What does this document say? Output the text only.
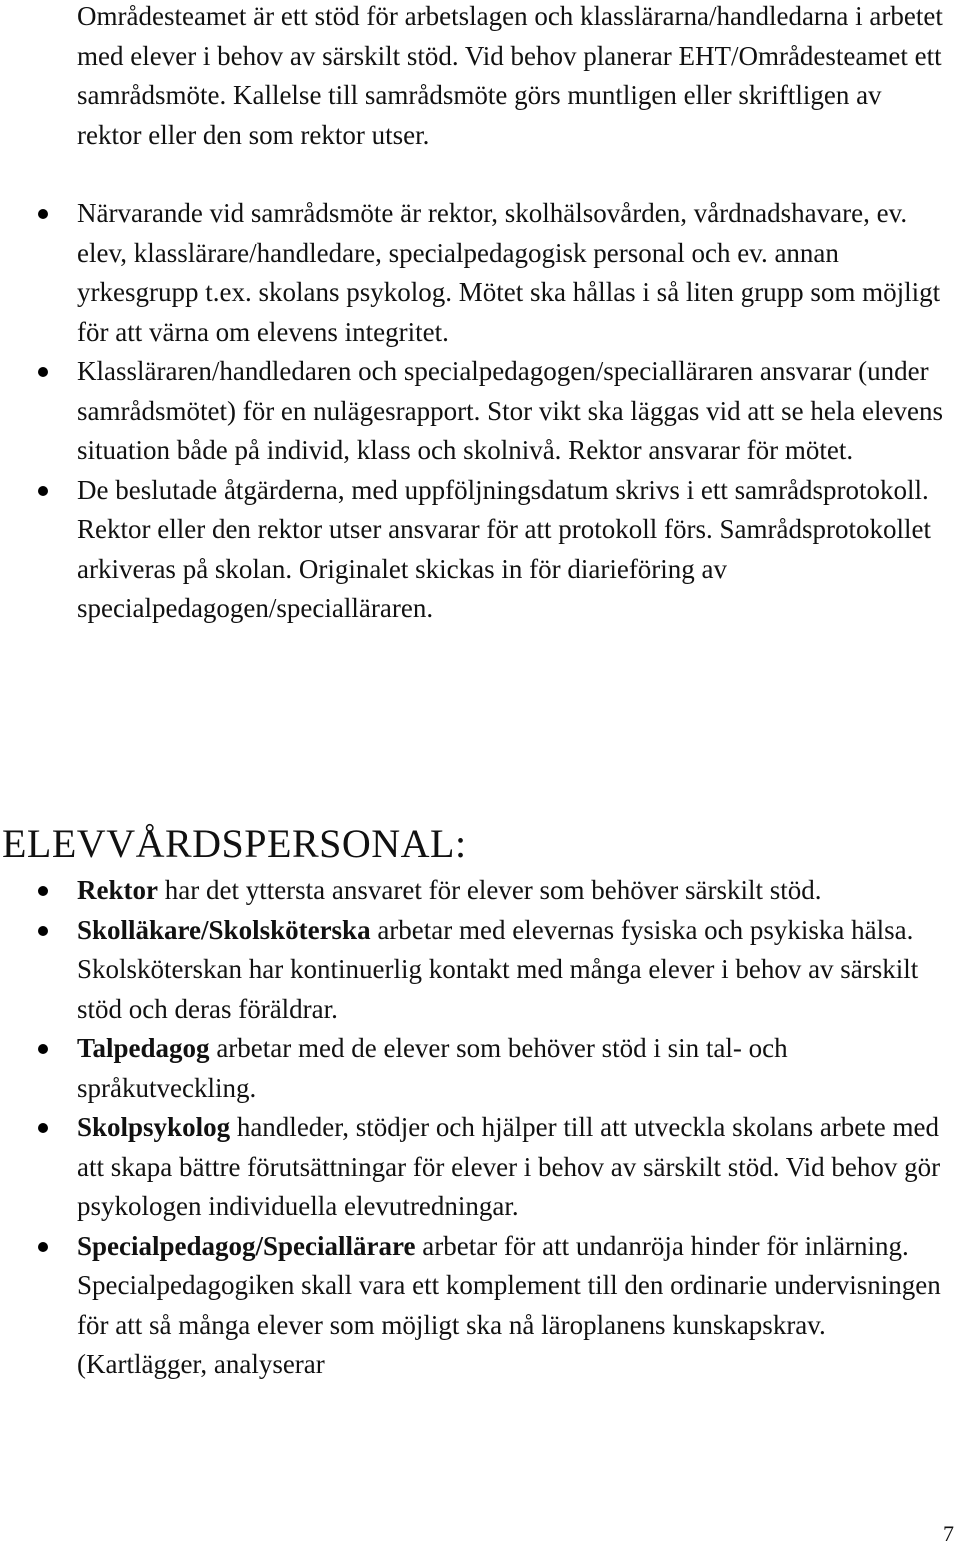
Områdesteamet är ett stöd för arbetslagen och klasslärarna/handledarna i arbetet med elever i behov av särskilt stöd. Vid behov planerar EHT/Områdesteamet ett samrådsmöte. Kallelse till samrådsmöte görs muntligen eller skriftligen av rektor eller den som rektor utser.

Närvarande vid samrådsmöte är rektor, skolhälsovården, vårdnadshavare, ev. elev, klasslärare/handledare, specialpedagogisk personal och ev. annan yrkesgrupp t.ex. skolans psykolog. Mötet ska hållas i så liten grupp som möjligt för att värna om elevens integritet.
Klassläraren/handledaren och specialpedagogen/specialläraren ansvarar (under samrådsmötet) för en nulägesrapport. Stor vikt ska läggas vid att se hela elevens situation både på individ, klass och skolnivå. Rektor ansvarar för mötet.
De beslutade åtgärderna, med uppföljningsdatum skrivs i ett samrådsprotokoll. Rektor eller den rektor utser ansvarar för att protokoll förs. Samrådsprotokollet arkiveras på skolan. Originalet skickas in för diarieföring av specialpedagogen/specialläraren.
ELEVVÅRDSPERSONAL:
Rektor har det yttersta ansvaret för elever som behöver särskilt stöd.
Skolläkare/Skolsköterska arbetar med elevernas fysiska och psykiska hälsa. Skolsköterskan har kontinuerlig kontakt med många elever i behov av särskilt stöd och deras föräldrar.
Talpedagog arbetar med de elever som behöver stöd i sin tal- och språkutveckling.
Skolpsykolog handleder, stödjer och hjälper till att utveckla skolans arbete med att skapa bättre förutsättningar för elever i behov av särskilt stöd. Vid behov gör psykologen individuella elevutredningar.
Specialpedagog/Speciallärare arbetar för att undanröja hinder för inlärning. Specialpedagogiken skall vara ett komplement till den ordinarie undervisningen för att så många elever som möjligt ska nå läroplanens kunskapskrav. (Kartlägger, analyserar
7
